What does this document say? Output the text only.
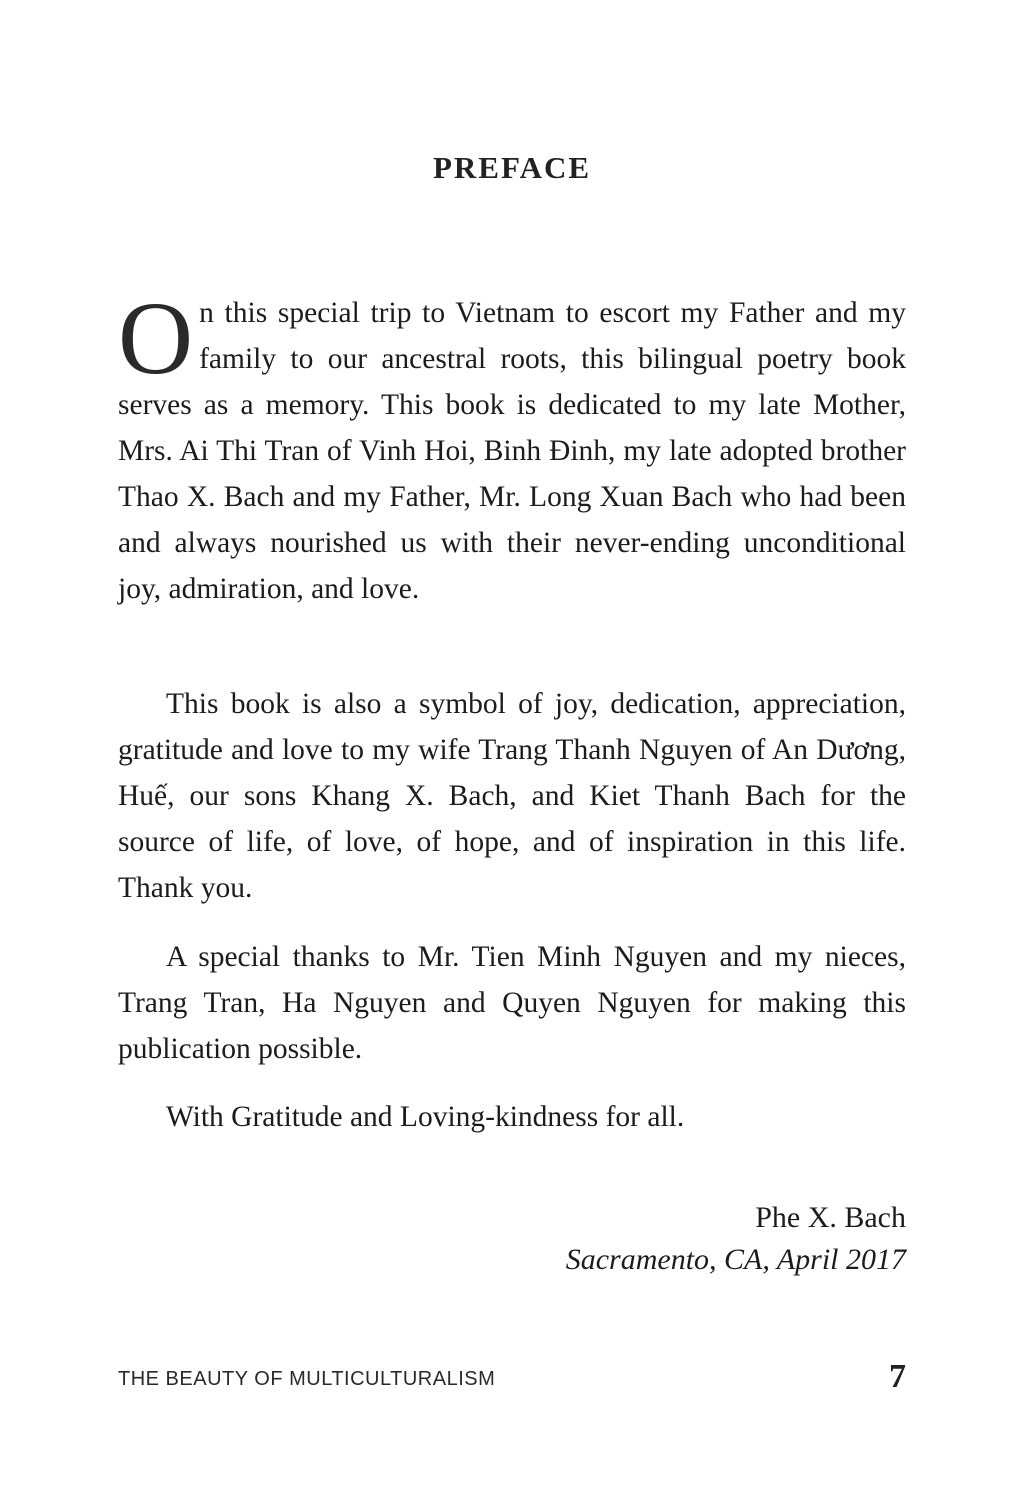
PREFACE

On this special trip to Vietnam to escort my Father and my family to our ancestral roots, this bilingual poetry book serves as a memory. This book is dedicated to my late Mother, Mrs. Ai Thi Tran of Vinh Hoi, Binh Đinh, my late adopted brother Thao X. Bach and my Father, Mr. Long Xuan Bach who had been and always nourished us with their never-ending unconditional joy, admiration, and love.

This book is also a symbol of joy, dedication, appreciation, gratitude and love to my wife Trang Thanh Nguyen of An Dương, Huế, our sons Khang X. Bach, and Kiet Thanh Bach for the source of life, of love, of hope, and of inspiration in this life. Thank you.

A special thanks to Mr. Tien Minh Nguyen and my nieces, Trang Tran, Ha Nguyen and Quyen Nguyen for making this publication possible.

With Gratitude and Loving-kindness for all.

Phe X. Bach
Sacramento, CA, April 2017
THE BEAUTY OF MULTICULTURALISM	7
